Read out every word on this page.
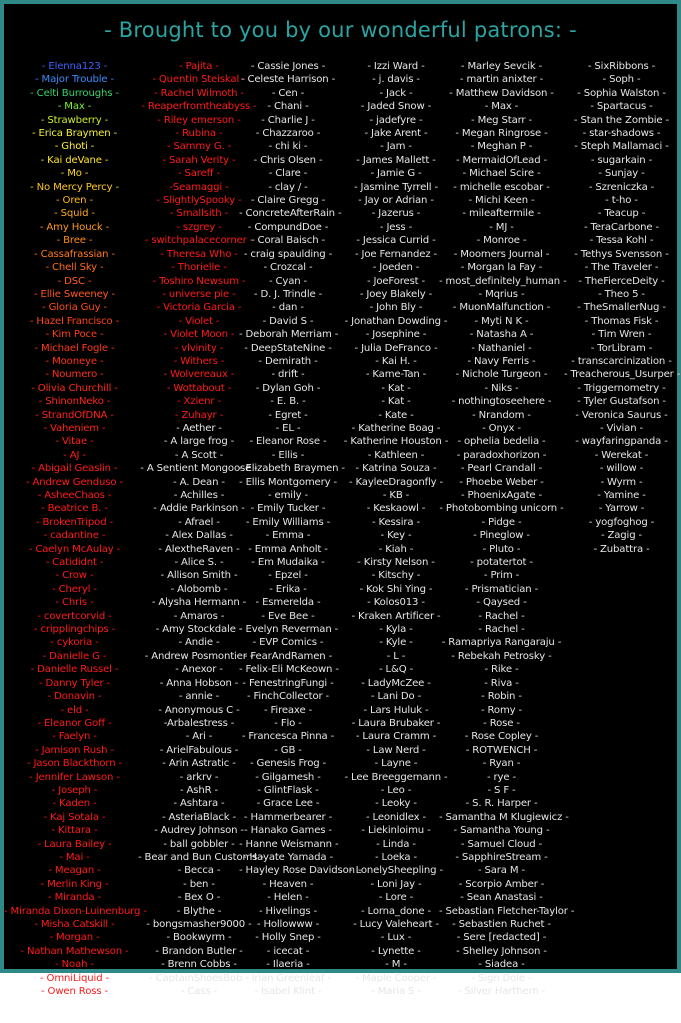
- Brought to you by our wonderful patrons: -
- Elenna123 -
- Major Trouble -
- Celti Burroughs -
- Max -
- Strawberry -
- Erica Braymen -
- Ghoti -
- Kai deVane -
- Mo -
- No Mercy Percy -
- Oren -
- Squid -
- Amy Houck -
- Bree -
- Cassafrassian -
- Chell Sky -
- DSC -
- Ellie Sweeney -
- Gloria Guy -
- Hazel Francisco -
- Kim Poce -
- Michael Fogle -
- Mooneye -
- Noumero -
- Olivia Churchill -
- ShinonNeko -
- StrandOfDNA -
- Vaheniem -
- Vitae -
- AJ -
- Abigail Geaslin -
- Andrew Genduso -
- AsheeChaos -
- Beatrice B. -
- BrokenTripod -
- cadantine -
- Caelyn McAulay -
- Catididnt -
- Crow -
- Cheryl -
- Chris -
- covertcorvid -
- cripplingchips -
- cykoria -
- Danielle G -
- Danielle Russel -
- Danny Tyler -
- Donavin -
- eld -
- Eleanor Goff -
- Faelyn -
- Jamison Rush -
- Jason Blackthorn -
- Jennifer Lawson -
- Joseph -
- Kaden -
- Kaj Sotala -
- Kittara -
- Laura Bailey -
- Mai -
- Meagan -
- Merlin King -
- Miranda -
- Miranda Dixon-Luinenburg -
- Misha Catskill -
- Morgan -
- Nathan Mathewson -
- Noah -
- OmniLiquid -
- Owen Ross -
- Pajita -
- Quentin Steiskal -
- Rachel Wilmoth -
- Reaperfromtheabyss -
- Riley emerson -
- Rubina -
- Sammy G. -
- Sarah Verity -
- Sareff -
-Seamaggi -
- SlightlySpooky -
- Smallsith -
- szgrey -
- switchpalacecorner -
- Theresa Who -
- Thorielle -
- Toshiro Newsum -
- universe pie -
- Victoria Garcia -
- Violet -
- Violet Moon -
- vlvinity -
- Withers -
- Wolvereaux -
- Wottabout -
- Xzienr -
- Zuhayr -
- Aether -
- A large frog -
- A Scott -
- A Sentient Mongoose -
- A. Dean -
- Achilles -
- Addie Parkinson -
- Afrael -
- Alex Dallas -
- AlextheRaven -
- Alice S. -
- Allison Smith -
- Alobomb -
- Alysha Hermann -
- Amaros -
- Amy Stockdale -
- Andie -
- Andrew Posmontier -
- Anexor -
- Anna Hobson -
- annie -
- Anonymous C -
-Arbalestress -
- Ari -
- ArielFabulous -
- Arin Astratic -
- arkrv -
- AshR -
- Ashtara -
- AsteriaBlack -
- Audrey Johnson -
- ball gobbler -
- Bear and Bun Customs -
- Becca -
- ben -
- Bex O -
- Blythe -
- bongsmasher9000 -
- Bookwyrm -
- Brandon Butler -
- Brenn Cobbs -
- CaptainShoesBob -
- Cass -
- Cassie Jones -
- Celeste Harrison -
- Cen -
- Chani -
- Charlie J -
- Chazzaroo -
- chi ki -
- Chris Olsen -
- Clare -
- clay / -
- Claire Gregg -
- ConcreteAfterRain -
- CompundDoe -
- Coral Baisch -
- craig spaulding -
- Crozcal -
- Cyan -
- D. J. Trindle -
- dan -
- David S -
- Deborah Merriam -
- DeepStateNine -
- Demirath -
- drift -
- Dylan Goh -
- E. B. -
- Egret -
- EL -
- Eleanor Rose -
- Ellis -
- Elizabeth Braymen -
- Ellis Montgomery -
- emily -
- Emily Tucker -
- Emily Williams -
- Emma -
- Emma Anholt -
- Em Mudaika -
- Epzel -
- Erika -
- Esmerelda -
- Eve Bee -
- Evelyn Reverman -
- EVP Comics -
- FearAndRamen -
- Felix-Eli McKeown -
- FenestringFungi -
- FinchCollector -
- Fireaxe -
- Flo -
- Francesca Pinna -
- GB -
- Genesis Frog -
- Gilgamesh -
- GlintFlask -
- Grace Lee -
- Hammerbearer -
- Hanako Games -
- Hanne Weismann -
- Hayate Yamada -
- Hayley Rose Davidson -
- Heaven -
- Helen -
- Hivelings -
- Hollowww -
- Holly Snep -
- icecat -
- Ilaeria -
- Irian Greenleaf -
- Isabel Klint -
- Izzi Ward -
- j. davis -
- Jack -
- Jaded Snow -
- jadefyre -
- Jake Arent -
- Jam -
- James Mallett -
- Jamie G -
- Jasmine Tyrrell -
- Jay or Adrian -
- Jazerus -
- Jess -
- Jessica Currid -
- Joe Fernandez -
- Joeden -
- JoeForest -
- Joey Blakely -
- John Bly -
- Jonathan Dowding -
- Josephine -
- Julia DeFranco -
- Kai H. -
- Kame-Tan -
- Kat -
- Kat -
- Kate -
- Katherine Boag -
- Katherine Houston -
- Kathleen -
- Katrina Souza -
- KayleeDragonfly -
- KB -
- Keskaowl -
- Kessira -
- Key -
- Kiah -
- Kirsty Nelson -
- Kitschy -
- Kok Shi Ying -
- Kolos013 -
- Kraken Artificer -
- Kyla -
- Kyle -
- L -
- L&Q -
- LadyMcZee -
- Lani Do -
- Lars Huluk -
- Laura Brubaker -
- Laura Cramm -
- Law Nerd -
- Layne -
- Lee Breeggemann -
- Leo -
- Leoky -
- Leonidlex -
- Liekinloimu -
- Linda -
- Loeka -
- LonelySheepling -
- Loni Jay -
- Lore -
- Lorna_done -
- Lucy Valeheart -
- Lux -
- Lynette -
- M -
- Maple Cooper -
- Maria S -
- Marley Sevcik -
- martin anixter -
- Matthew Davidson -
- Max -
- Meg Starr -
- Megan Ringrose -
- Meghan P -
- MermaidOfLead -
- Michael Scire -
- michelle escobar -
- Michi Keen -
- mileaftermile -
- MJ -
- Monroe -
- Moomers Journal -
- Morgan la Fay -
- most_definitely_human -
- Mqrius -
- MuonMalfunction -
- Myti N K -
- Natasha A -
- Nathaniel -
- Navy Ferris -
- Nichole Turgeon -
- Niks -
- nothingtoseehere -
- Nrandom -
- Onyx -
- ophelia bedelia -
- paradoxhorizon -
- Pearl Crandall -
- Phoebe Weber -
- PhoenixAgate -
- Photobombing unicorn -
- Pidge -
- Pineglow -
- Pluto -
- potatertot -
- Prim -
- Prismatician -
- Qaysed -
- Rachel -
- Rachel -
- Ramapriya Rangaraju -
- Rebekah Petrosky -
- Rike -
- Riva -
- Robin -
- Romy -
- Rose -
- Rose Copley -
- ROTWENCH -
- Ryan -
- rye -
- S F -
- S. R. Harper -
- Samantha M Klugiewicz -
- Samantha Young -
- Samuel Cloud -
- SapphireStream -
- Sara M -
- Scorpio Amber -
- Sean Anastasi -
- Sebastian Fletcher-Taylor -
- Sebastien Ruchet -
- Sere [redacted] -
- Shelley Johnson -
- Siadea -
- Sign Dole -
- Silver Harthern -
- SixRibbons -
- Soph -
- Sophia Walston -
- Spartacus -
- Stan the Zombie -
- star-shadows -
- Steph Mallamaci -
- sugarkain -
- Sunjay -
- Szreniczka -
- t-ho -
- Teacup -
- TeraCarbone -
- Tessa Kohl -
- Tethys Svensson -
- The Traveler -
- TheFierceDeity -
- Theo 5 -
- TheSmallerNug -
- Thomas Fisk -
- Tim Wren -
- TorLibram -
- transcarcinization -
- Treacherous_Usurper -
- Triggernometry -
- Tyler Gustafson -
- Veronica Saurus -
- Vivian -
- wayfaringpanda -
- Werekat -
- willow -
- Wyrm -
- Yamine -
- Yarrow -
- yogfoghog -
- Zagig -
- Zubattra -
